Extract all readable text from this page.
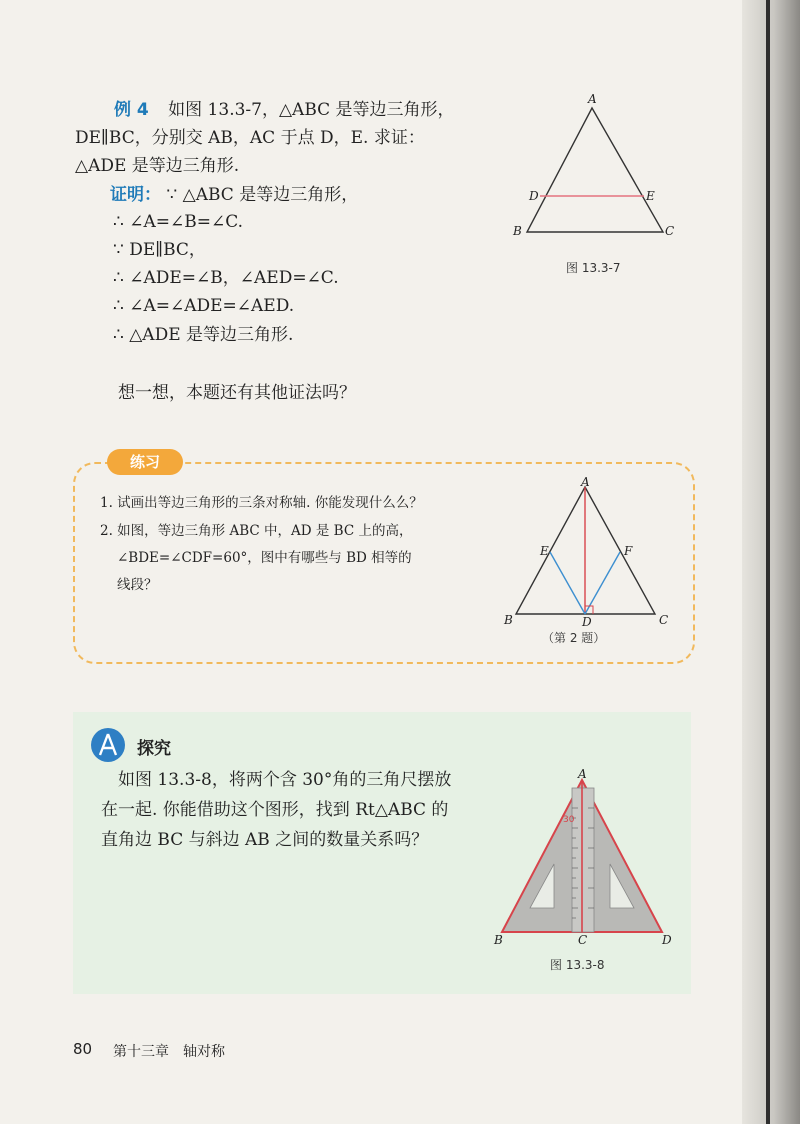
例 4 如图 13.3-7，△ABC 是等边三角形，
DE∥BC，分别交 AB，AC 于点 D，E. 求证：
△ADE 是等边三角形.
证明： ∵ △ABC 是等边三角形，
∴ ∠A=∠B=∠C.
∵ DE∥BC，
∴ ∠ADE=∠B，∠AED=∠C.
∴ ∠A=∠ADE=∠AED.
∴ △ADE 是等边三角形.
想一想，本题还有其他证法吗？
A
B	C
D	E
图 13.3-7
练习
1. 试画出等边三角形的三条对称轴. 你能发现什么么？
2. 如图，等边三角形 ABC 中，AD 是 BC 上的高，
∠BDE=∠CDF=60°，图中有哪些与 BD 相等的
线段？
A
B	C
D
E	F
（第 2 题）
探究
如图 13.3-8，将两个含 30°角的三角尺摆放
在一起. 你能借助这个图形，找到 Rt△ABC 的
直角边 BC 与斜边 AB 之间的数量关系吗？
30
A
B	C	D
图 13.3-8
80 第十三章　轴对称
